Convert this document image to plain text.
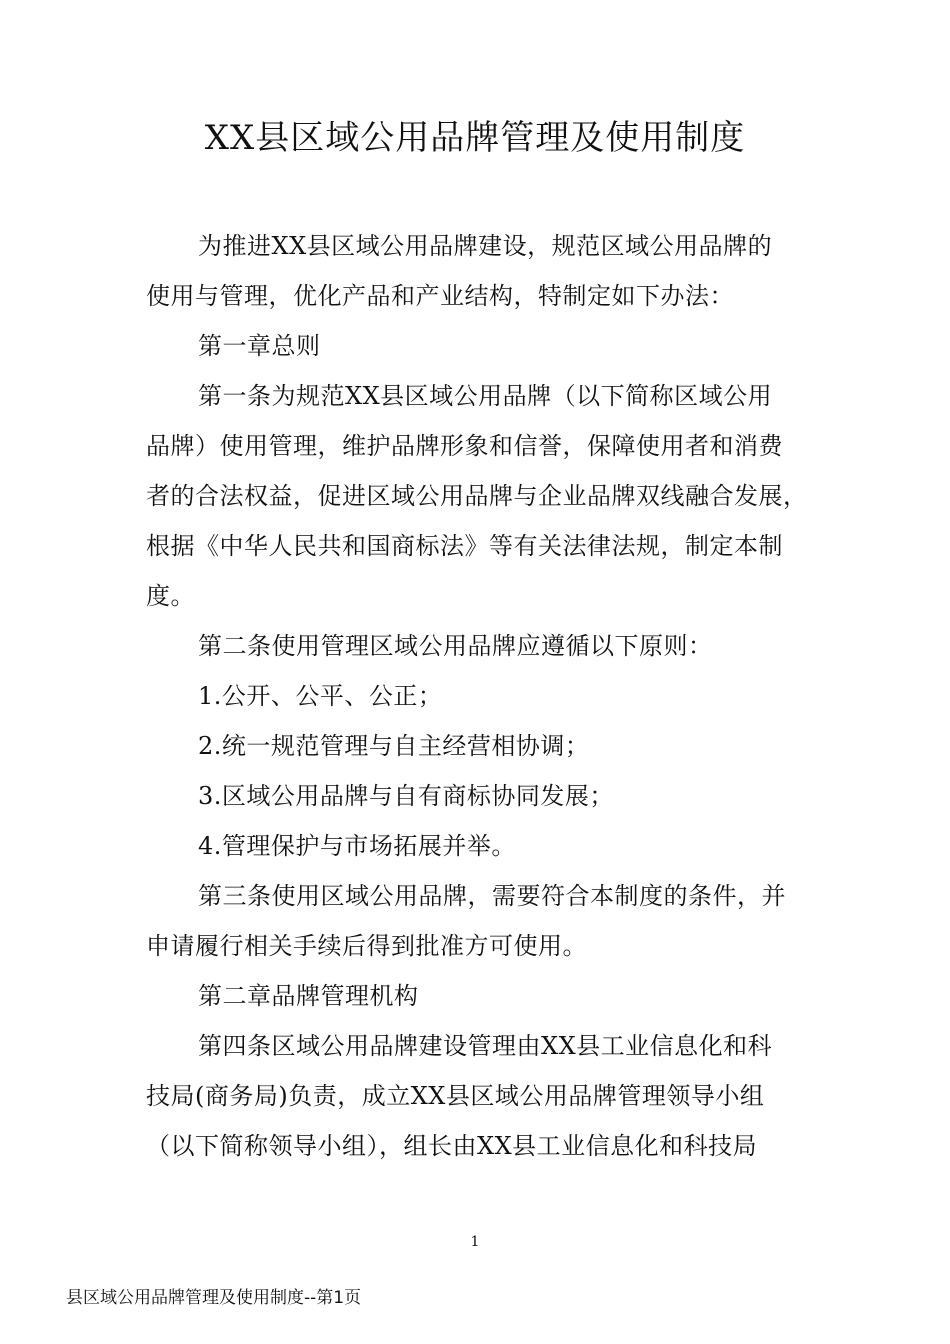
XX县区域公用品牌管理及使用制度
为推进XX县区域公用品牌建设，规范区域公用品牌的
使用与管理，优化产品和产业结构，特制定如下办法：
第一章总则
第一条为规范XX县区域公用品牌（以下简称区域公用
品牌）使用管理，维护品牌形象和信誉，保障使用者和消费
者的合法权益，促进区域公用品牌与企业品牌双线融合发展，
根据《中华人民共和国商标法》等有关法律法规，制定本制
度。
第二条使用管理区域公用品牌应遵循以下原则：
1.公开、公平、公正；
2.统一规范管理与自主经营相协调；
3.区域公用品牌与自有商标协同发展；
4.管理保护与市场拓展并举。
第三条使用区域公用品牌，需要符合本制度的条件，并
申请履行相关手续后得到批准方可使用。
第二章品牌管理机构
第四条区域公用品牌建设管理由XX县工业信息化和科
技局(商务局)负责，成立XX县区域公用品牌管理领导小组
（以下简称领导小组），组长由XX县工业信息化和科技局
1
县区域公用品牌管理及使用制度--第1页
